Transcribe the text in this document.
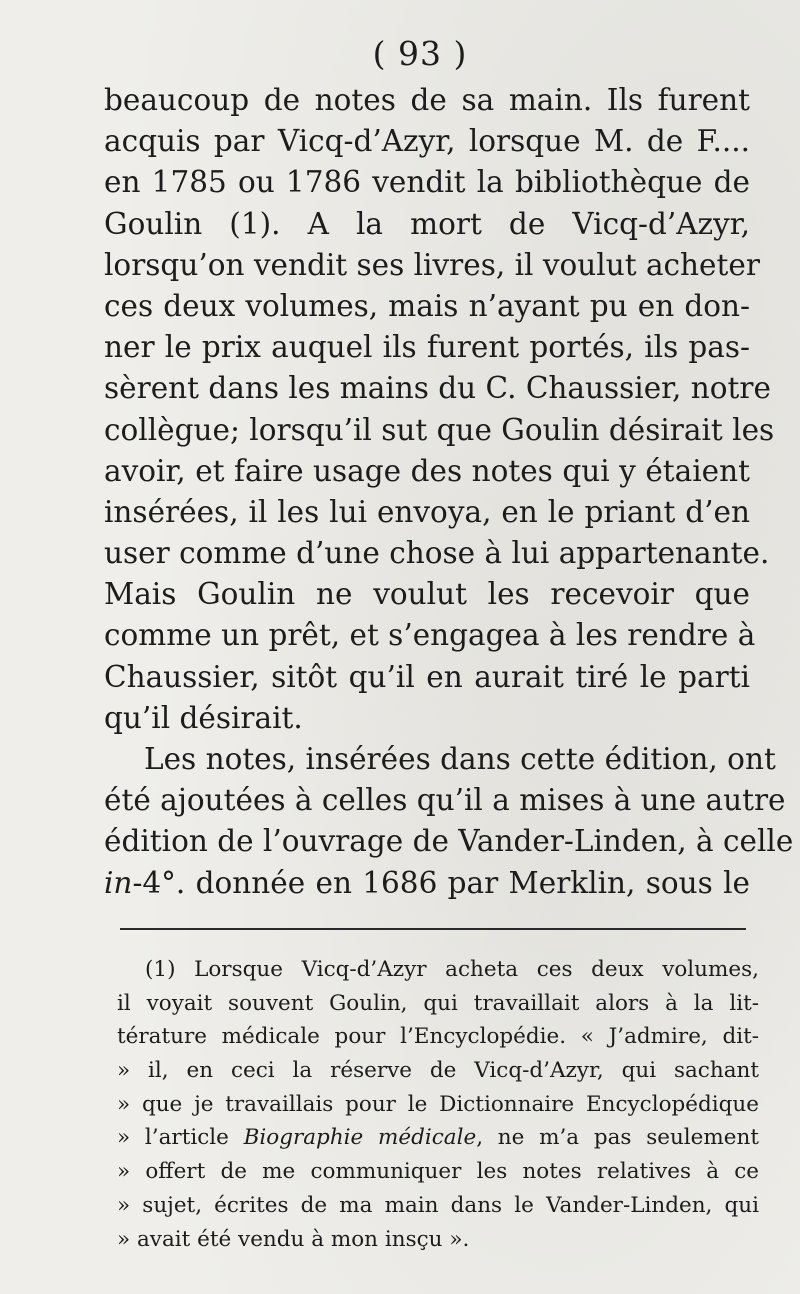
( 93 )
beaucoup de notes de sa main. Ils furent
acquis par Vicq-d’Azyr, lorsque M. de F....
en 1785 ou 1786 vendit la bibliothèque de
Goulin (1). A la mort de Vicq-d’Azyr,
lorsqu’on vendit ses livres, il voulut acheter
ces deux volumes, mais n’ayant pu en don-
ner le prix auquel ils furent portés, ils pas-
sèrent dans les mains du C. Chaussier, notre
collègue; lorsqu’il sut que Goulin désirait les
avoir, et faire usage des notes qui y étaient
insérées, il les lui envoya, en le priant d’en
user comme d’une chose à lui appartenante.
Mais Goulin ne voulut les recevoir que
comme un prêt, et s’engagea à les rendre à
Chaussier, sitôt qu’il en aurait tiré le parti
qu’il désirait.
Les notes, insérées dans cette édition, ont
été ajoutées à celles qu’il a mises à une autre
édition de l’ouvrage de Vander-Linden, à celle
in-4°. donnée en 1686 par Merklin, sous le
(1) Lorsque Vicq-d’Azyr acheta ces deux volumes,
il voyait souvent Goulin, qui travaillait alors à la lit-
térature médicale pour l’Encyclopédie. « J’admire, dit-
» il, en ceci la réserve de Vicq-d’Azyr, qui sachant
» que je travaillais pour le Dictionnaire Encyclopédique
» l’article Biographie médicale, ne m’a pas seulement
» offert de me communiquer les notes relatives à ce
» sujet, écrites de ma main dans le Vander-Linden, qui
» avait été vendu à mon insçu ».
